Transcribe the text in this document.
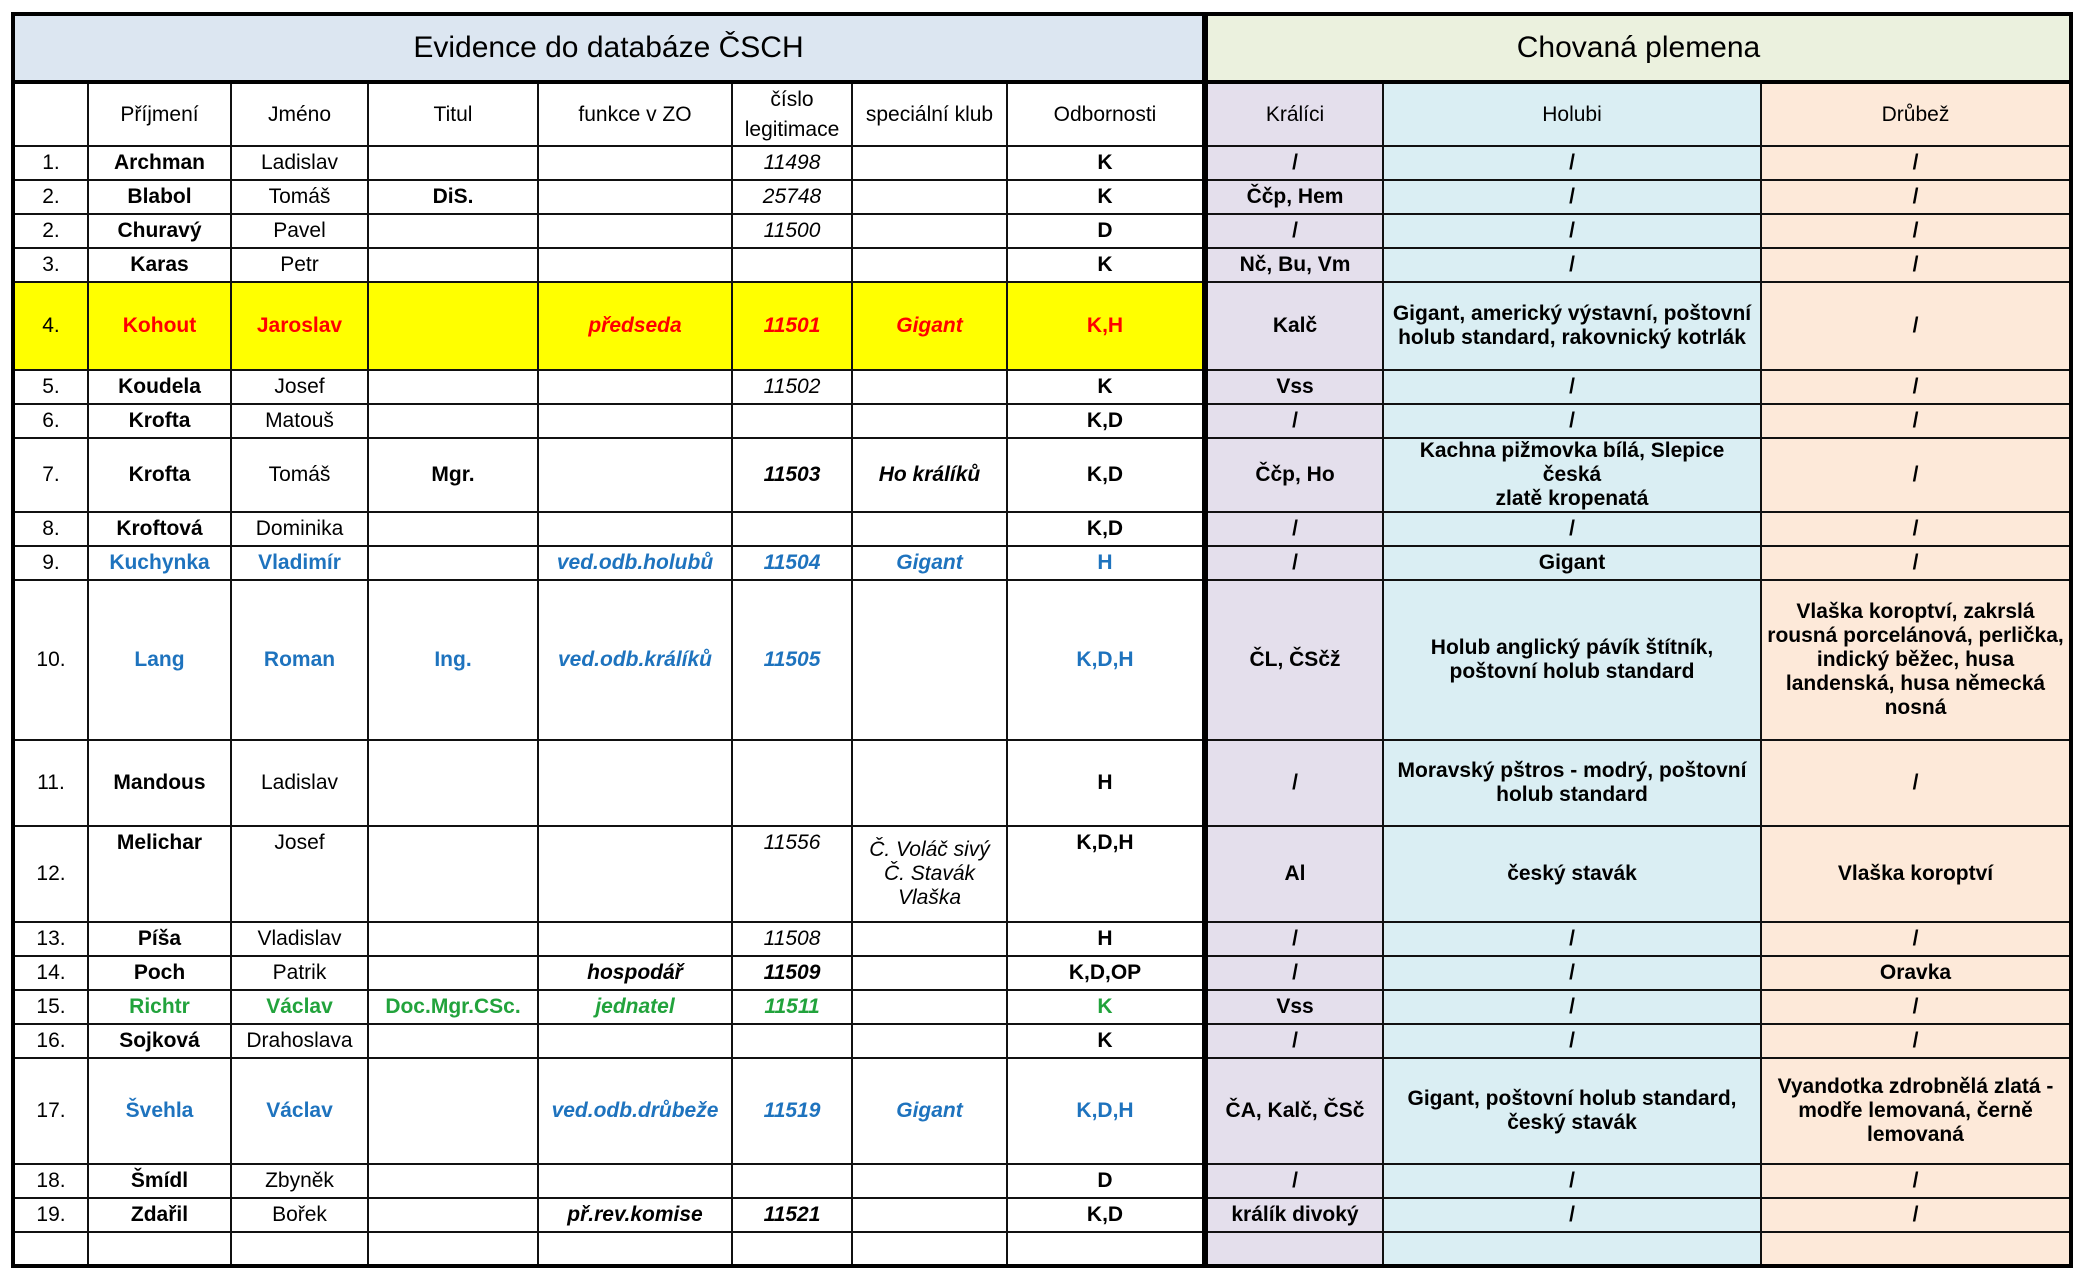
Evidence do databáze ČSCH								Chovaná plemena		
	Příjmení	Jméno	Titul	funkce v ZO	číslo
legitimace	speciální klub	Odbornosti	Králíci	Holubi	Drůbež
1.	Archman	Ladislav			11498		K	/	/	/
2.	Blabol	Tomáš	DiS.		25748		K	Ččp, Hem	/	/
2.	Churavý	Pavel			11500		D	/	/	/
3.	Karas	Petr					K	Nč, Bu, Vm	/	/
4.	Kohout	Jaroslav		předseda	11501	Gigant	K,H	Kalč	Gigant, americký výstavní, poštovní
holub standard, rakovnický kotrlák	/
5.	Koudela	Josef			11502		K	Vss	/	/
6.	Krofta	Matouš					K,D	/	/	/
7.	Krofta	Tomáš	Mgr.		11503	Ho králíků	K,D	Ččp, Ho	Kachna pižmovka bílá, Slepice česká
zlatě kropenatá	/
8.	Kroftová	Dominika					K,D	/	/	/
9.	Kuchynka	Vladimír		ved.odb.holubů	11504	Gigant	H	/	Gigant	/
10.	Lang	Roman	Ing.	ved.odb.králíků	11505		K,D,H	ČL, ČSčž	Holub anglický pávík štítník,
poštovní holub standard	Vlaška koroptví, zakrslá
rousná porcelánová, perlička,
indický běžec, husa
landenská, husa německá
nosná
11.	Mandous	Ladislav					H	/	Moravský pštros - modrý, poštovní
holub standard	/
12.	Melichar	Josef			11556	Č. Voláč sivý
Č. Stavák
Vlaška	K,D,H	Al	český stavák	Vlaška koroptví
13.	Píša	Vladislav			11508		H	/	/	/
14.	Poch	Patrik		hospodář	11509		K,D,OP	/	/	Oravka
15.	Richtr	Václav	Doc.Mgr.CSc.	jednatel	11511		K	Vss	/	/
16.	Sojková	Drahoslava					K	/	/	/
17.	Švehla	Václav		ved.odb.drůbeže	11519	Gigant	K,D,H	ČA, Kalč, ČSč	Gigant, poštovní holub standard,
český stavák	Vyandotka zdrobnělá zlatá -
modře lemovaná, černě
lemovaná
18.	Šmídl	Zbyněk					D	/	/	/
19.	Zdařil	Bořek		př.rev.komise	11521		K,D	králík divoký	/	/
